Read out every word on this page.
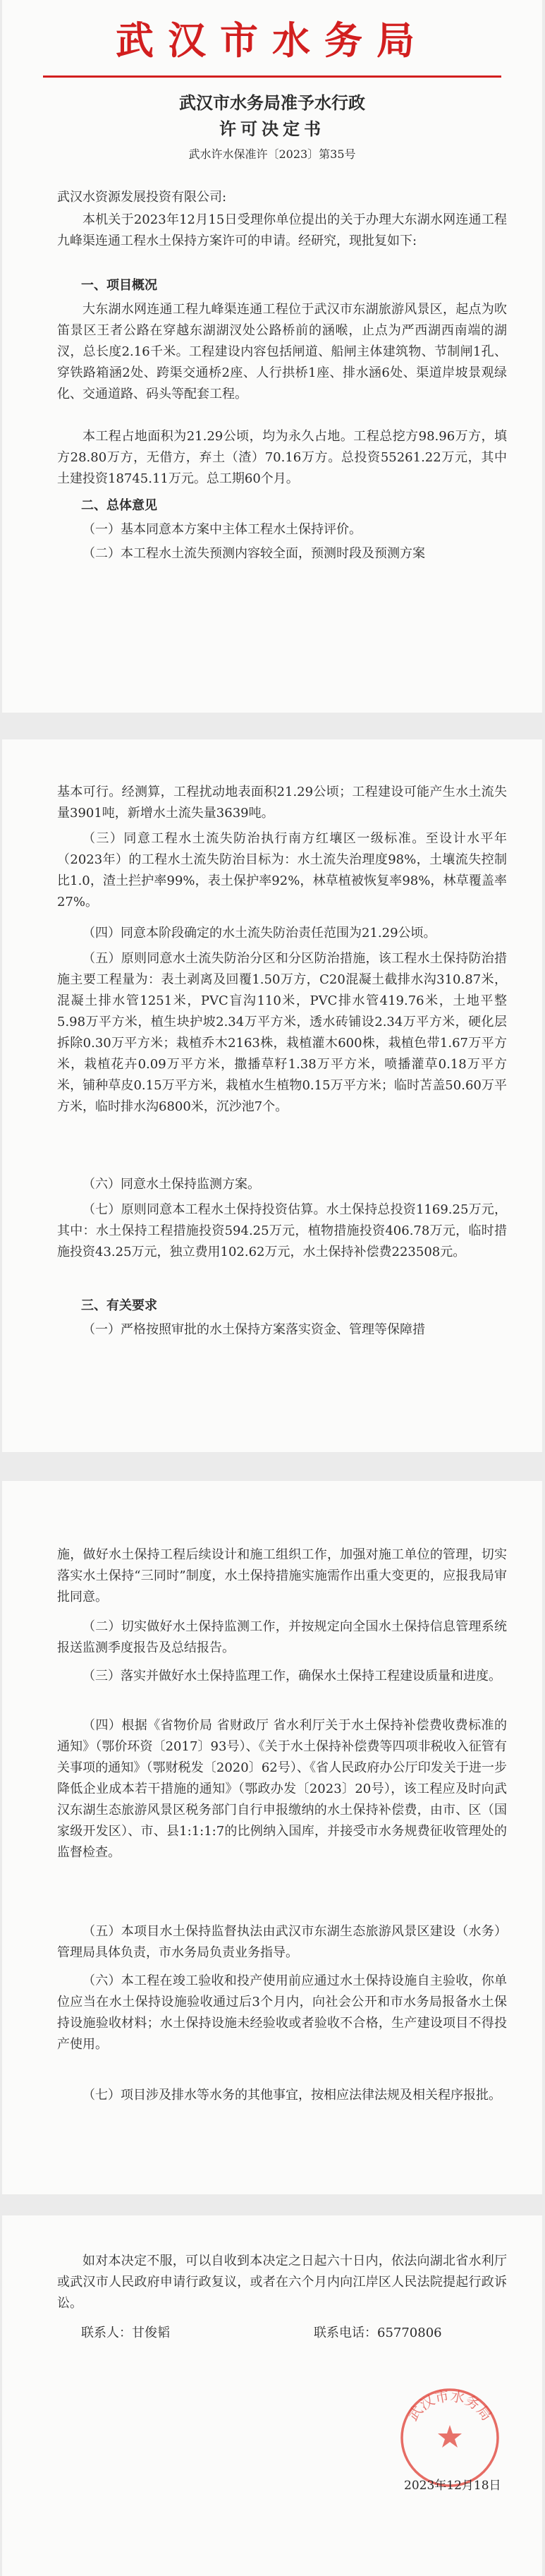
武汉市水务局
武汉市水务局准予水行政
许可决定书
武水许水保准许〔2023〕第35号

武汉水资源发展投资有限公司:

本机关于2023年12月15日受理你单位提出的关于办理大东湖水网连通工程九峰渠连通工程水土保持方案许可的申请。经研究，现批复如下:

一、项目概况

大东湖水网连通工程九峰渠连通工程位于武汉市东湖旅游风景区，起点为吹笛景区王者公路在穿越东湖湖汊处公路桥前的涵喉，止点为严西湖西南端的湖汊，总长度2.16千米。工程建设内容包括闸道、船闸主体建筑物、节制闸1孔、穿铁路箱涵2处、跨渠交通桥2座、人行拱桥1座、排水涵6处、渠道岸坡景观绿化、交通道路、码头等配套工程。

本工程占地面积为21.29公顷，均为永久占地。工程总挖方98.96万方，填方28.80万方，无借方，弃土（渣）70.16万方。总投资55261.22万元，其中土建投资18745.11万元。总工期60个月。

二、总体意见

（一）基本同意本方案中主体工程水土保持评价。

（二）本工程水土流失预测内容较全面，预测时段及预测方案

基本可行。经测算，工程扰动地表面积21.29公顷；工程建设可能产生水土流失量3901吨，新增水土流失量3639吨。

（三）同意工程水土流失防治执行南方红壤区一级标准。至设计水平年（2023年）的工程水土流失防治目标为：水土流失治理度98%，土壤流失控制比1.0，渣土拦护率99%，表土保护率92%，林草植被恢复率98%，林草覆盖率27%。

（四）同意本阶段确定的水土流失防治责任范围为21.29公顷。

（五）原则同意水土流失防治分区和分区防治措施，该工程水土保持防治措施主要工程量为：表土剥离及回覆1.50万方，C20混凝土截排水沟310.87米，混凝土排水管1251米，PVC盲沟110米，PVC排水管419.76米，土地平整5.98万平方米，植生块护坡2.34万平方米，透水砖铺设2.34万平方米，硬化层拆除0.30万平方米；栽植乔木2163株，栽植灌木600株，栽植色带1.67万平方米，栽植花卉0.09万平方米，撒播草籽1.38万平方米，喷播灌草0.18万平方米，铺种草皮0.15万平方米，栽植水生植物0.15万平方米；临时苫盖50.60万平方米，临时排水沟6800米，沉沙池7个。

（六）同意水土保持监测方案。

（七）原则同意本工程水土保持投资估算。水土保持总投资1169.25万元，其中：水土保持工程措施投资594.25万元，植物措施投资406.78万元，临时措施投资43.25万元，独立费用102.62万元，水土保持补偿费223508元。

三、有关要求

（一）严格按照审批的水土保持方案落实资金、管理等保障措

施，做好水土保持工程后续设计和施工组织工作，加强对施工单位的管理，切实落实水土保持“三同时”制度，水土保持措施实施需作出重大变更的，应报我局审批同意。

（二）切实做好水土保持监测工作，并按规定向全国水土保持信息管理系统报送监测季度报告及总结报告。

（三）落实并做好水土保持监理工作，确保水土保持工程建设质量和进度。

（四）根据《省物价局 省财政厅 省水利厅关于水土保持补偿费收费标准的通知》（鄂价环资〔2017〕93号）、《关于水土保持补偿费等四项非税收入征管有关事项的通知》（鄂财税发〔2020〕62号）、《省人民政府办公厅印发关于进一步降低企业成本若干措施的通知》（鄂政办发〔2023〕20号），该工程应及时向武汉东湖生态旅游风景区税务部门自行申报缴纳的水土保持补偿费，由市、区（国家级开发区）、市、县1:1:1:7的比例纳入国库，并接受市水务规费征收管理处的监督检查。

（五）本项目水土保持监督执法由武汉市东湖生态旅游风景区建设（水务）管理局具体负责，市水务局负责业务指导。

（六）本工程在竣工验收和投产使用前应通过水土保持设施自主验收，你单位应当在水土保持设施验收通过后3个月内，向社会公开和市水务局报备水土保持设施验收材料；水土保持设施未经验收或者验收不合格，生产建设项目不得投产使用。

（七）项目涉及排水等水务的其他事宜，按相应法律法规及相关程序报批。

如对本决定不服，可以自收到本决定之日起六十日内，依法向湖北省水利厅或武汉市人民政府申请行政复议，或者在六个月内向江岸区人民法院提起行政诉讼。

联系人：甘俊韬	联系电话：65770806

武汉市水务局
2023年12月18日
